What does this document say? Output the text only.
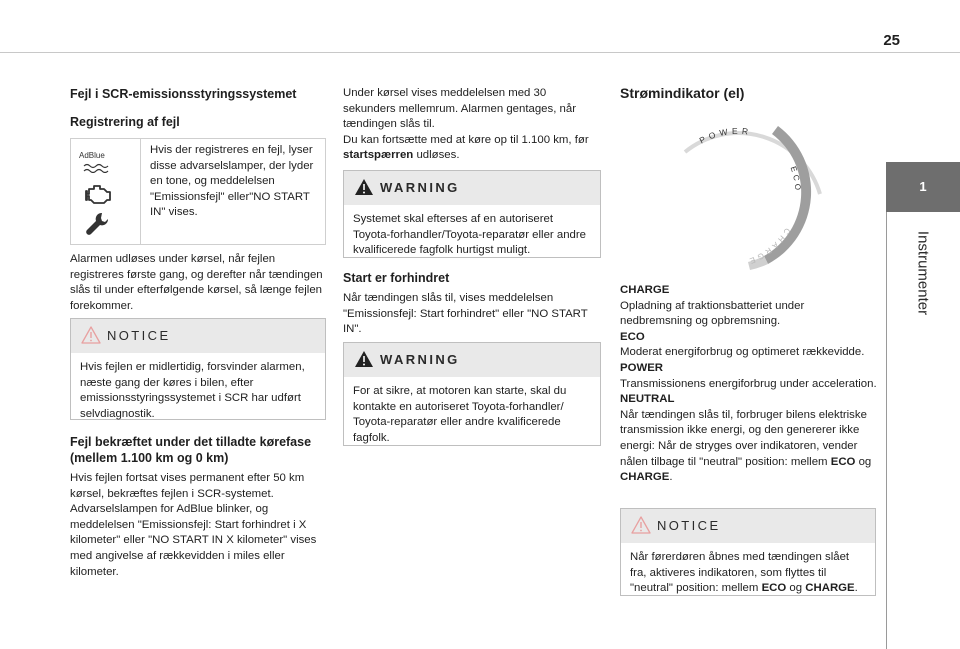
25
1
Instrumenter
Fejl i SCR-emissionsstyringssystemet
Registrering af fejl
AdBlue	Hvis der registreres en fejl, lyser disse advarselslamper, der lyder en tone, og meddelelsen "Emissionsfejl" eller"NO START IN" vises.

Alarmen udløses under kørsel, når fejlen registreres første gang, og derefter når tændingen slås til under efterfølgende kørsel, så længe fejlen forekommer.

NOTICE

Hvis fejlen er midlertidig, forsvinder alarmen, næste gang der køres i bilen, efter emissionsstyringssystemet i SCR har udført selvdiagnostik.

Fejl bekræftet under det tilladte kørefase (mellem 1.100 km og 0 km)

Hvis fejlen fortsat vises permanent efter 50 km kørsel, bekræftes fejlen i SCR-systemet. Advarselslampen for AdBlue blinker, og meddelelsen "Emissionsfejl: Start forhindret i X kilometer" eller "NO START IN X kilometer" vises med angivelse af rækkevidden i miles eller kilometer.

Under kørsel vises meddelelsen med 30 sekunders mellemrum. Alarmen gentages, når tændingen slås til.
Du kan fortsætte med at køre op til 1.100 km, før startspærren udløses.

WARNING

Systemet skal efterses af en autoriseret Toyota-forhandler/Toyota-reparatør eller andre kvalificerede fagfolk hurtigst muligt.

Start er forhindret

Når tændingen slås til, vises meddelelsen "Emissionsfejl: Start forhindret" eller "NO START IN".

WARNING

For at sikre, at motoren kan starte, skal du kontakte en autoriseret Toyota-forhandler/ Toyota-reparatør eller andre kvalificerede fagfolk.

Strømindikator (el)
POWER
ECO
CHARGE

CHARGE

Opladning af traktionsbatteriet under nedbremsning og opbremsning.

ECO

Moderat energiforbrug og optimeret rækkevidde.

POWER

Transmissionens energiforbrug under acceleration.

NEUTRAL

Når tændingen slås til, forbruger bilens elektriske transmission ikke energi, og den genererer ikke energi: Når de stryges over indikatoren, vender nålen tilbage til "neutral" position: mellem ECO og CHARGE.

NOTICE

Når førerdøren åbnes med tændingen slået fra, aktiveres indikatoren, som flyttes til "neutral" position: mellem ECO og CHARGE.
